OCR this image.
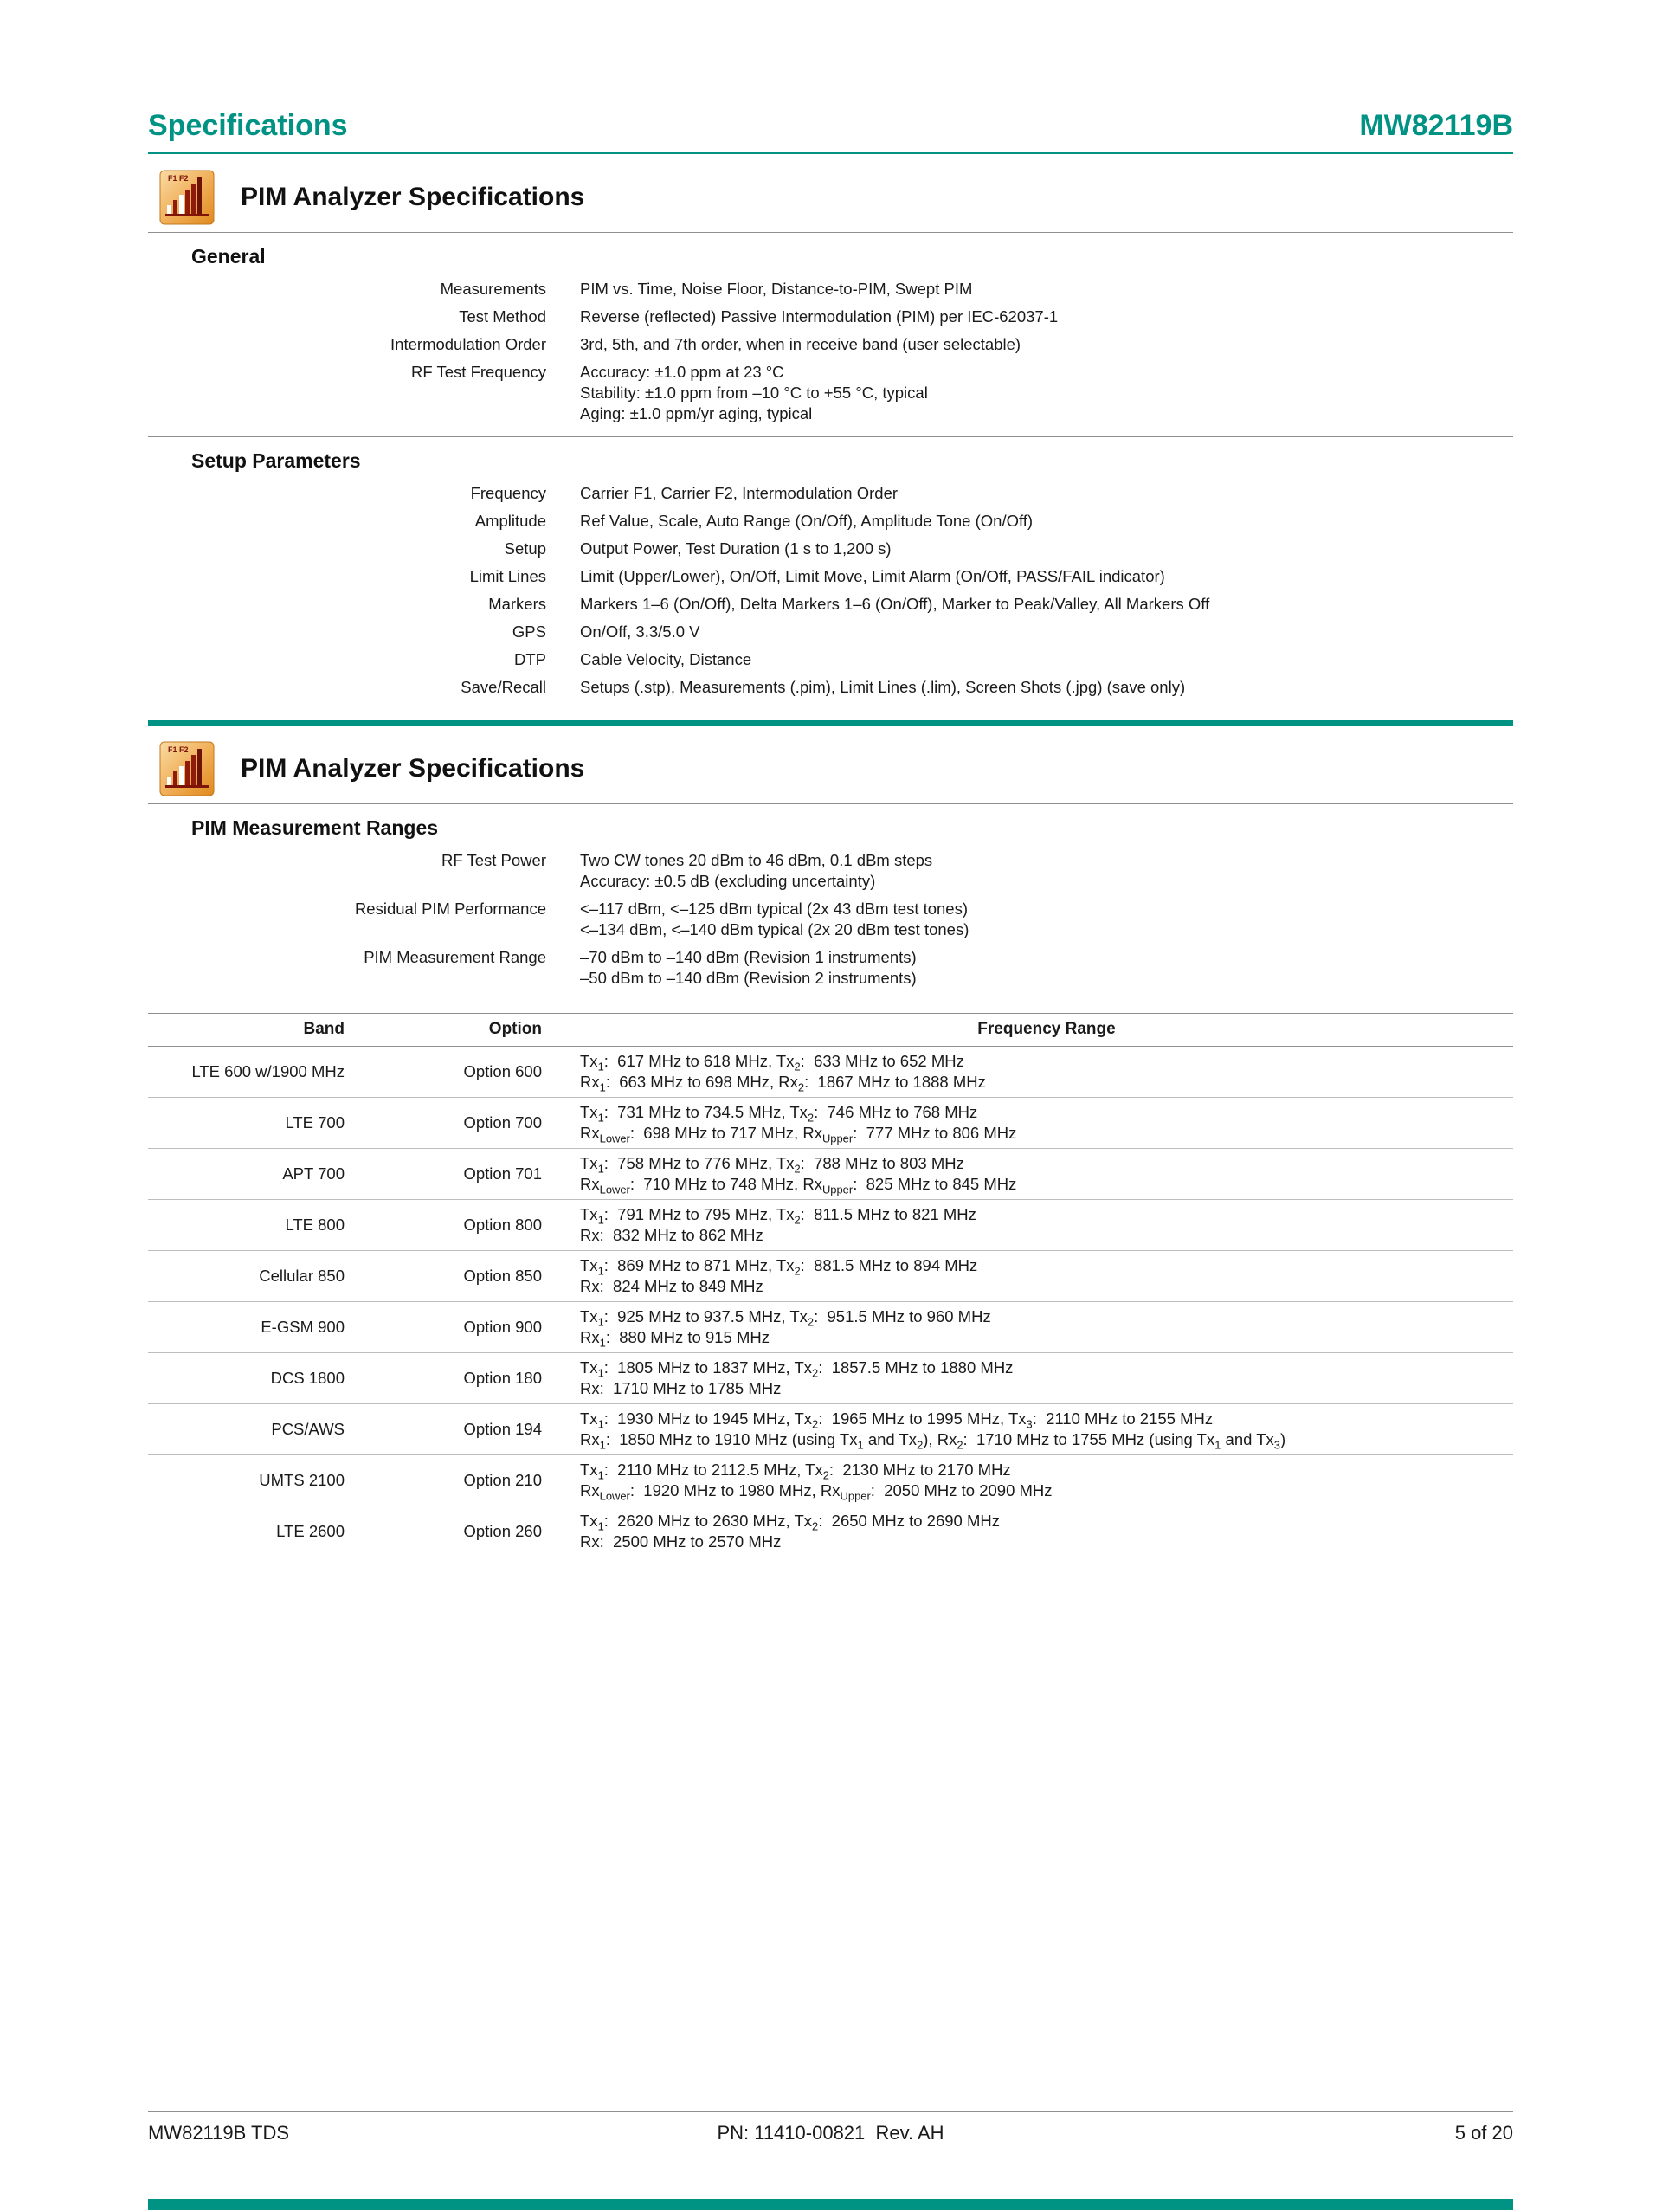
Specifications	MW82119B
F1 F2
PIM Analyzer Specifications
General
Measurements PIM vs. Time, Noise Floor, Distance-to-PIM, Swept PIM
Test Method Reverse (reflected) Passive Intermodulation (PIM) per IEC-62037-1
Intermodulation Order 3rd, 5th, and 7th order, when in receive band (user selectable)
RF Test Frequency Accuracy: ±1.0 ppm at 23 °C
Stability: ±1.0 ppm from –10 °C to +55 °C, typical
Aging: ±1.0 ppm/yr aging, typical
Setup Parameters
Frequency Carrier F1, Carrier F2, Intermodulation Order
Amplitude Ref Value, Scale, Auto Range (On/Off), Amplitude Tone (On/Off)
Setup Output Power, Test Duration (1 s to 1,200 s)
Limit Lines Limit (Upper/Lower), On/Off, Limit Move, Limit Alarm (On/Off, PASS/FAIL indicator)
Markers Markers 1–6 (On/Off), Delta Markers 1–6 (On/Off), Marker to Peak/Valley, All Markers Off
GPS On/Off, 3.3/5.0 V
DTP Cable Velocity, Distance
Save/Recall Setups (.stp), Measurements (.pim), Limit Lines (.lim), Screen Shots (.jpg) (save only)
F1 F2
PIM Analyzer Specifications
PIM Measurement Ranges
RF Test Power Two CW tones 20 dBm to 46 dBm, 0.1 dBm steps
Accuracy: ±0.5 dB (excluding uncertainty)
Residual PIM Performance <–117 dBm, <–125 dBm typical (2x 43 dBm test tones)
<–134 dBm, <–140 dBm typical (2x 20 dBm test tones)
PIM Measurement Range –70 dBm to –140 dBm (Revision 1 instruments)
–50 dBm to –140 dBm (Revision 2 instruments)
Band	Option	Frequency Range
LTE 600 w/1900 MHz	Option 600
$Tx_1$:  617 MHz to 618 MHz, $Tx_2$:  633 MHz to 652 MHz
$Rx_1$:  663 MHz to 698 MHz, $Rx_2$:  1867 MHz to 1888 MHz
LTE 700	Option 700
$Tx_1$:  731 MHz to 734.5 MHz, $Tx_2$:  746 MHz to 768 MHz
$Rx_{Lower}$:  698 MHz to 717 MHz, $Rx_{Upper}$:  777 MHz to 806 MHz
APT 700	Option 701
$Tx_1$:  758 MHz to 776 MHz, $Tx_2$:  788 MHz to 803 MHz
$Rx_{Lower}$:  710 MHz to 748 MHz, $Rx_{Upper}$:  825 MHz to 845 MHz
LTE 800	Option 800
$Tx_1$:  791 MHz to 795 MHz, $Tx_2$:  811.5 MHz to 821 MHz
Rx:  832 MHz to 862 MHz
Cellular 850	Option 850
$Tx_1$:  869 MHz to 871 MHz, $Tx_2$:  881.5 MHz to 894 MHz
Rx:  824 MHz to 849 MHz
E-GSM 900	Option 900
$Tx_1$:  925 MHz to 937.5 MHz, $Tx_2$:  951.5 MHz to 960 MHz
$Rx_1$:  880 MHz to 915 MHz
DCS 1800	Option 180
$Tx_1$:  1805 MHz to 1837 MHz, $Tx_2$:  1857.5 MHz to 1880 MHz
Rx:  1710 MHz to 1785 MHz
PCS/AWS	Option 194
$Tx_1$:  1930 MHz to 1945 MHz, $Tx_2$:  1965 MHz to 1995 MHz, $Tx_3$:  2110 MHz to 2155 MHz
$Rx_1$:  1850 MHz to 1910 MHz (using $Tx_1$ and $Tx_2$), $Rx_2$:  1710 MHz to 1755 MHz (using $Tx_1$ and $Tx_3$)
UMTS 2100	Option 210
$Tx_1$:  2110 MHz to 2112.5 MHz, $Tx_2$:  2130 MHz to 2170 MHz
$Rx_{Lower}$:  1920 MHz to 1980 MHz, $Rx_{Upper}$:  2050 MHz to 2090 MHz
LTE 2600	Option 260
$Tx_1$:  2620 MHz to 2630 MHz, $Tx_2$:  2650 MHz to 2690 MHz
Rx:  2500 MHz to 2570 MHz
MW82119B TDS	PN: 11410-00821  Rev. AH	5 of 20
